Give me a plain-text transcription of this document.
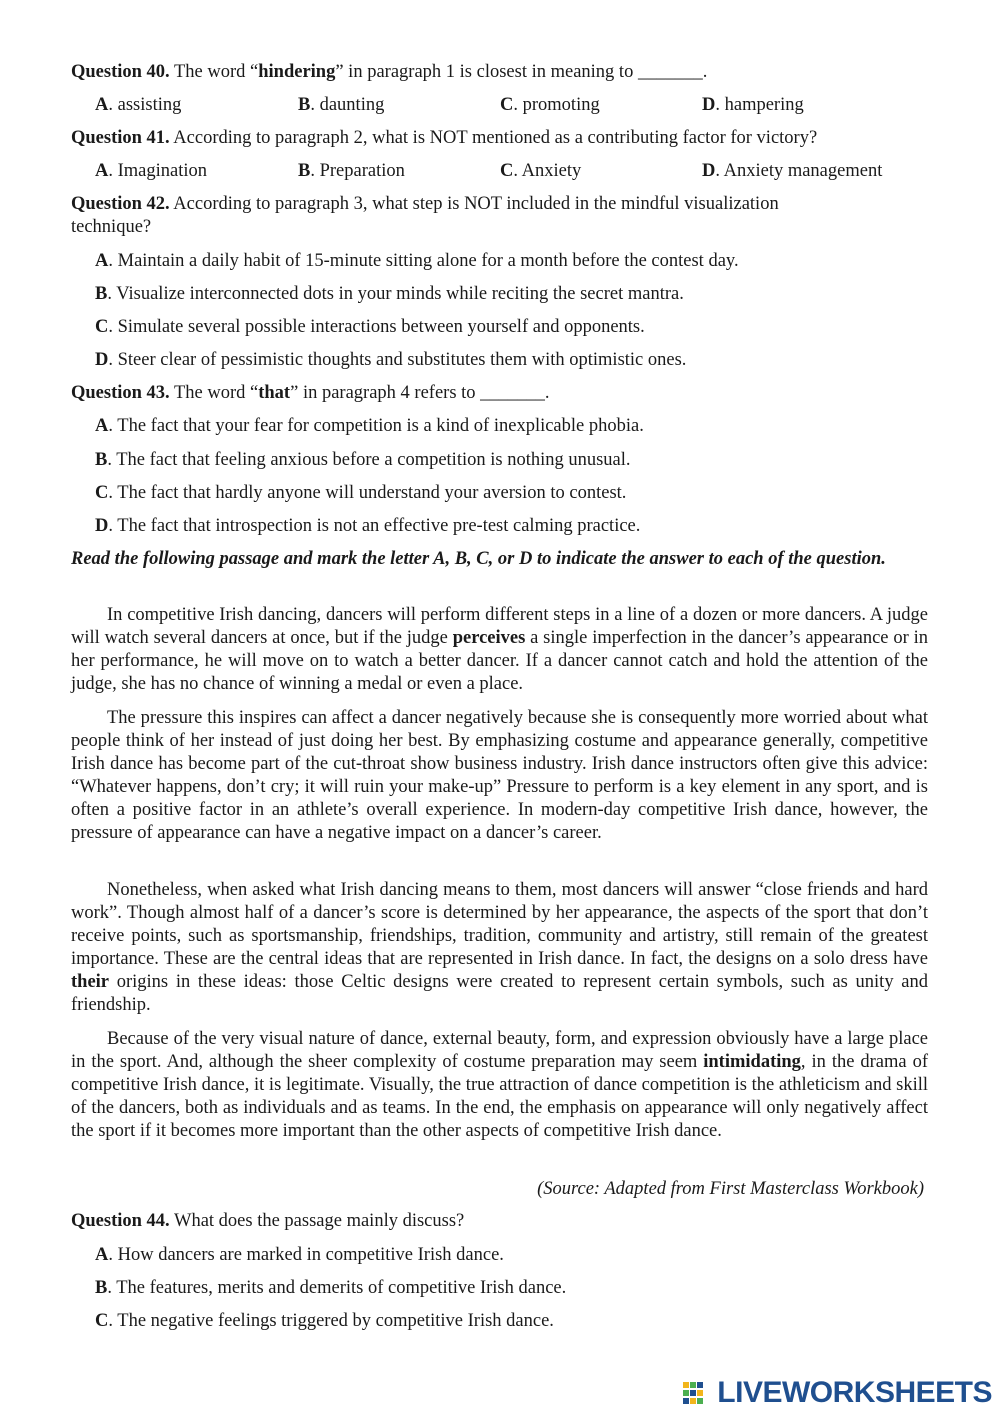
Question 40. The word “hindering” in paragraph 1 is closest in meaning to _______.
A. assisting	B. daunting	C. promoting	D. hampering
Question 41. According to paragraph 2, what is NOT mentioned as a contributing factor for victory?
A. Imagination	B. Preparation	C. Anxiety	D. Anxiety management
Question 42. According to paragraph 3, what step is NOT included in the mindful visualization
technique?
A. Maintain a daily habit of 15-minute sitting alone for a month before the contest day.
B. Visualize interconnected dots in your minds while reciting the secret mantra.
C. Simulate several possible interactions between yourself and opponents.
D. Steer clear of pessimistic thoughts and substitutes them with optimistic ones.
Question 43. The word “that” in paragraph 4 refers to _______.
A. The fact that your fear for competition is a kind of inexplicable phobia.
B. The fact that feeling anxious before a competition is nothing unusual.
C. The fact that hardly anyone will understand your aversion to contest.
D. The fact that introspection is not an effective pre-test calming practice.
Read the following passage and mark the letter A, B, C, or D to indicate the answer to each of the question.
In competitive Irish dancing, dancers will perform different steps in a line of a dozen or more dancers. A judge will watch several dancers at once, but if the judge perceives a single imperfection in the dancer’s appearance or in her performance, he will move on to watch a better dancer. If a dancer cannot catch and hold the attention of the judge, she has no chance of winning a medal or even a place.
The pressure this inspires can affect a dancer negatively because she is consequently more worried about what people think of her instead of just doing her best. By emphasizing costume and appearance generally, competitive Irish dance has become part of the cut-throat show business industry. Irish dance instructors often give this advice: “Whatever happens, don’t cry; it will ruin your make-up” Pressure to perform is a key element in any sport, and is often a positive factor in an athlete’s overall experience. In modern-day competitive Irish dance, however, the pressure of appearance can have a negative impact on a dancer’s career.
Nonetheless, when asked what Irish dancing means to them, most dancers will answer “close friends and hard work”. Though almost half of a dancer’s score is determined by her appearance, the aspects of the sport that don’t receive points, such as sportsmanship, friendships, tradition, community and artistry, still remain of the greatest importance. These are the central ideas that are represented in Irish dance. In fact, the designs on a solo dress have their origins in these ideas: those Celtic designs were created to represent certain symbols, such as unity and friendship.
Because of the very visual nature of dance, external beauty, form, and expression obviously have a large place in the sport. And, although the sheer complexity of costume preparation may seem intimidating, in the drama of competitive Irish dance, it is legitimate. Visually, the true attraction of dance competition is the athleticism and skill of the dancers, both as individuals and as teams. In the end, the emphasis on appearance will only negatively affect the sport if it becomes more important than the other aspects of competitive Irish dance.
(Source: Adapted from First Masterclass Workbook)
Question 44. What does the passage mainly discuss?
A. How dancers are marked in competitive Irish dance.
B. The features, merits and demerits of competitive Irish dance.
C. The negative feelings triggered by competitive Irish dance.
LIVEWORKSHEETS
